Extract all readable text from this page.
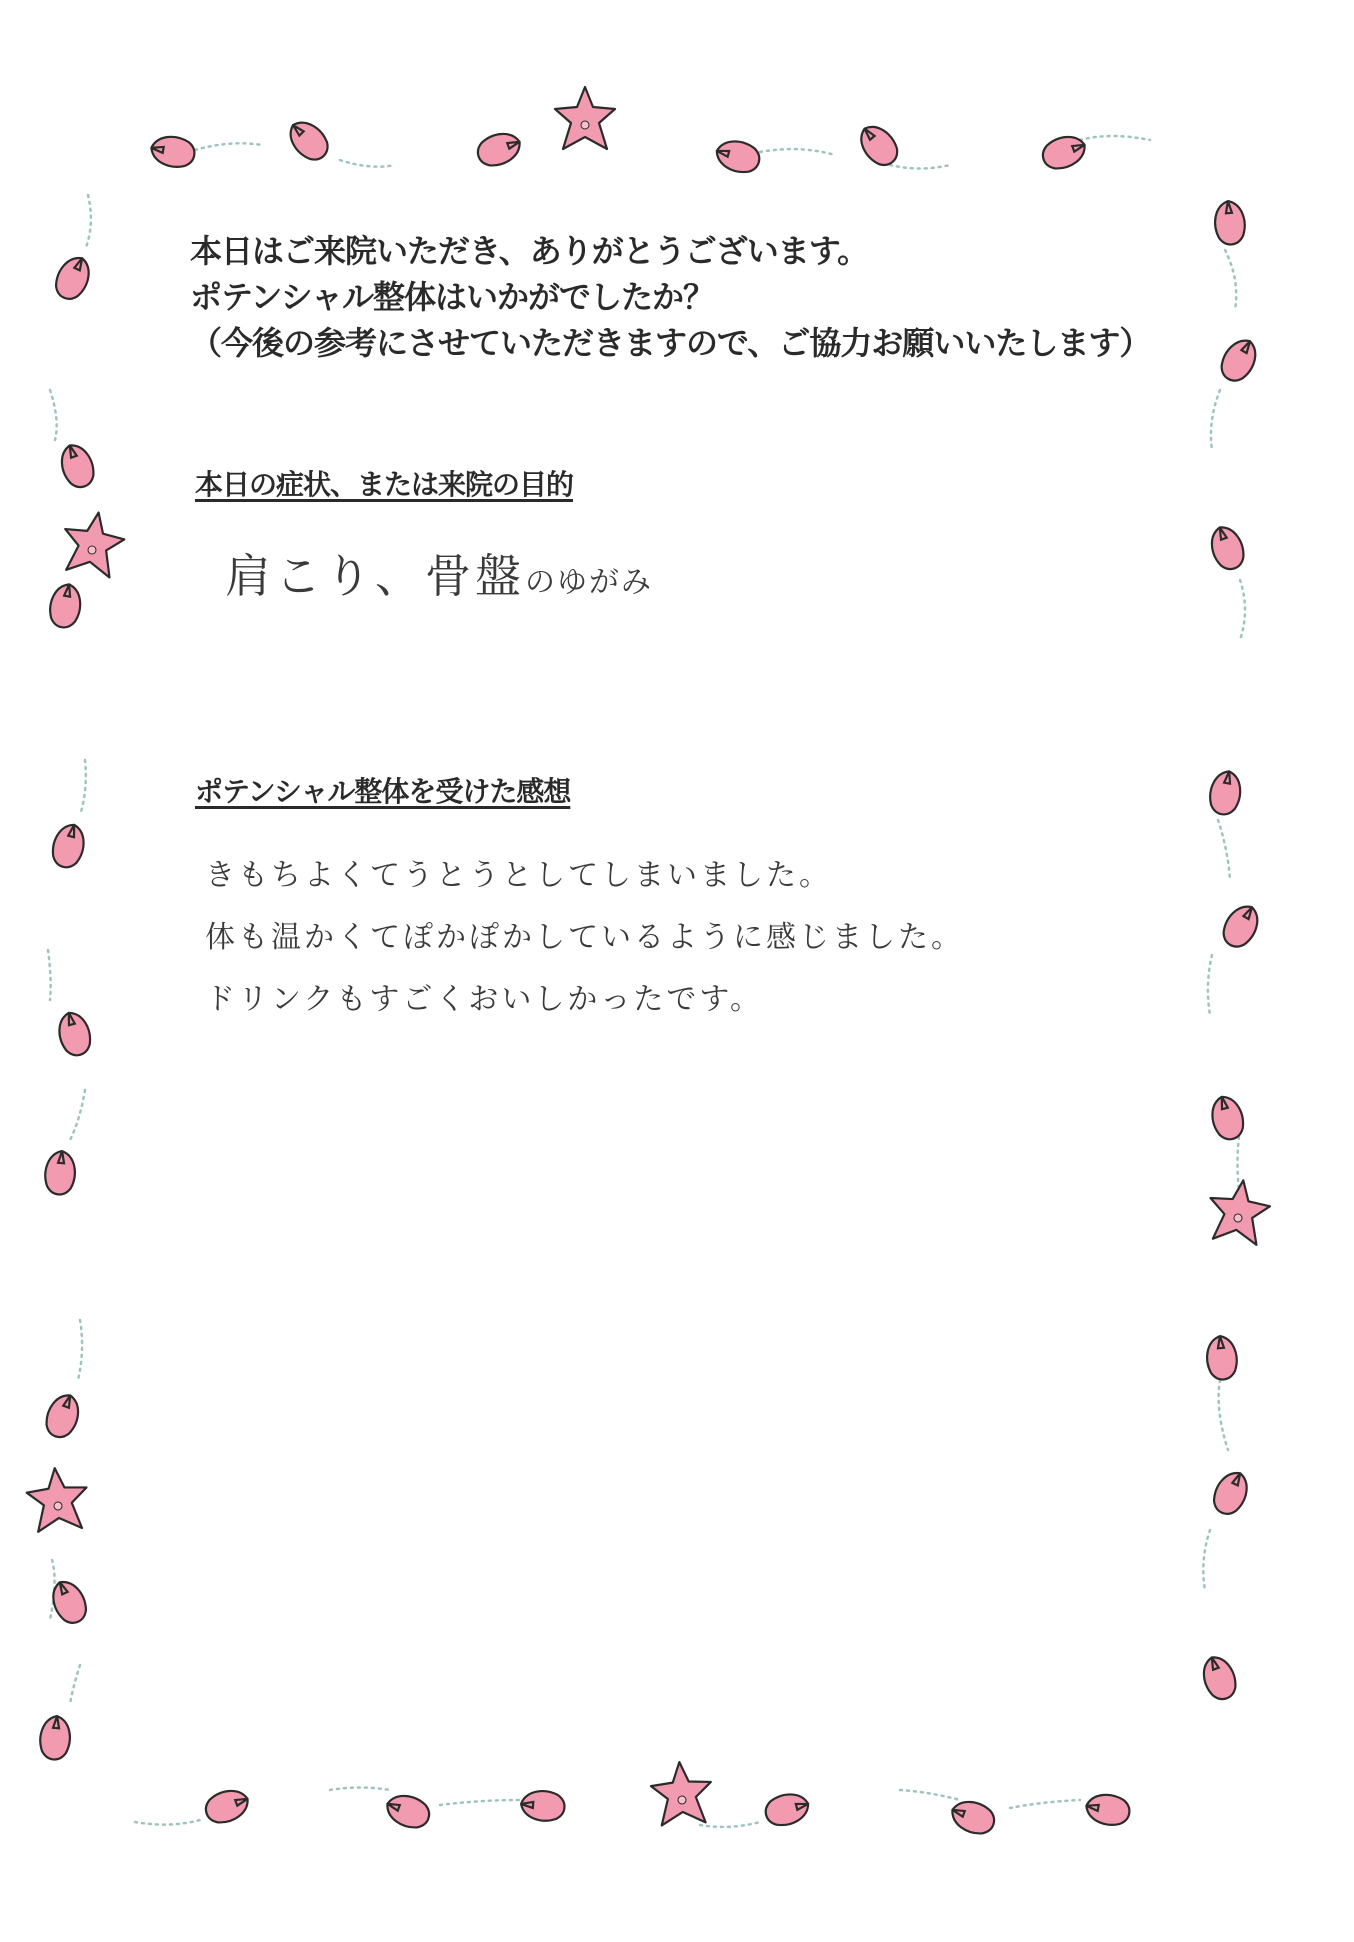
本日はご来院いただき、ありがとうございます。
ポテンシャル整体はいかがでしたか？
（今後の参考にさせていただきますので、ご協力お願いいたします）
本日の症状、または来院の目的
肩こり、骨盤のゆがみ
ポテンシャル整体を受けた感想
きもちよくてうとうとしてしまいました。
体も温かくてぽかぽかしているように感じました。
ドリンクもすごくおいしかったです。
